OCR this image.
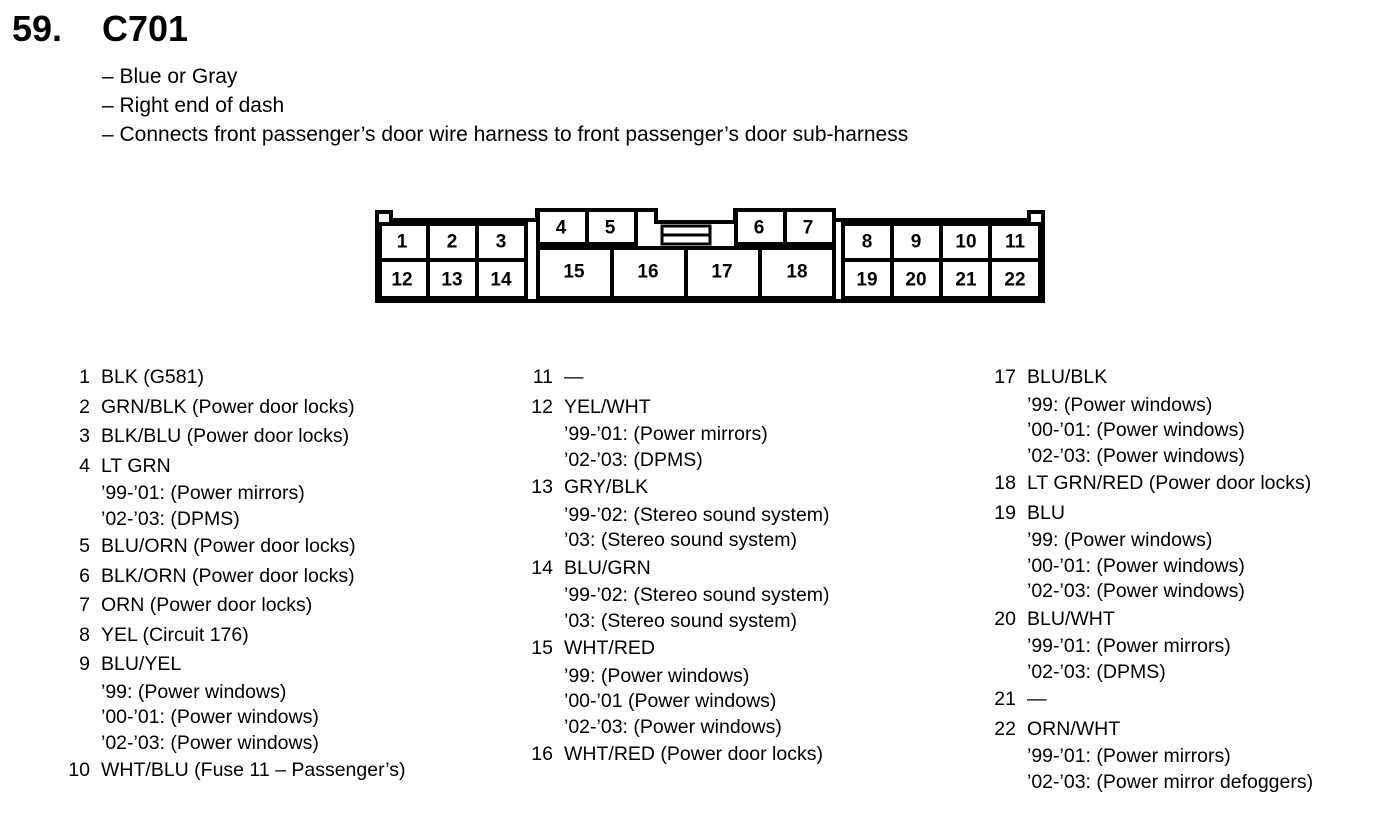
59. C701
– Blue or Gray
– Right end of dash
– Connects front passenger’s door wire harness to front passenger’s door sub-harness
1 2 3
4 5	6 7
8 9 10 11
12 13 14	15	16	17	18	19 20 21 22
1 BLK (G581)
2 GRN/BLK (Power door locks)
3 BLK/BLU (Power door locks)
4 LT GRN
’99-’01: (Power mirrors)
’02-’03: (DPMS)
5 BLU/ORN (Power door locks)
6 BLK/ORN (Power door locks)
7 ORN (Power door locks)
8 YEL (Circuit 176)
9 BLU/YEL
’99: (Power windows)
’00-’01: (Power windows)
’02-’03: (Power windows)
10 WHT/BLU (Fuse 11 – Passenger’s)
11 —
12 YEL/WHT
’99-’01: (Power mirrors)
’02-’03: (DPMS)
13 GRY/BLK
’99-’02: (Stereo sound system)
’03: (Stereo sound system)
14 BLU/GRN
’99-’02: (Stereo sound system)
’03: (Stereo sound system)
15 WHT/RED
’99: (Power windows)
’00-’01 (Power windows)
’02-’03: (Power windows)
16 WHT/RED (Power door locks)
17 BLU/BLK
’99: (Power windows)
’00-’01: (Power windows)
’02-’03: (Power windows)
18 LT GRN/RED (Power door locks)
19 BLU
’99: (Power windows)
’00-’01: (Power windows)
’02-’03: (Power windows)
20 BLU/WHT
’99-’01: (Power mirrors)
’02-’03: (DPMS)
21 —
22 ORN/WHT
’99-’01: (Power mirrors)
’02-’03: (Power mirror defoggers)
